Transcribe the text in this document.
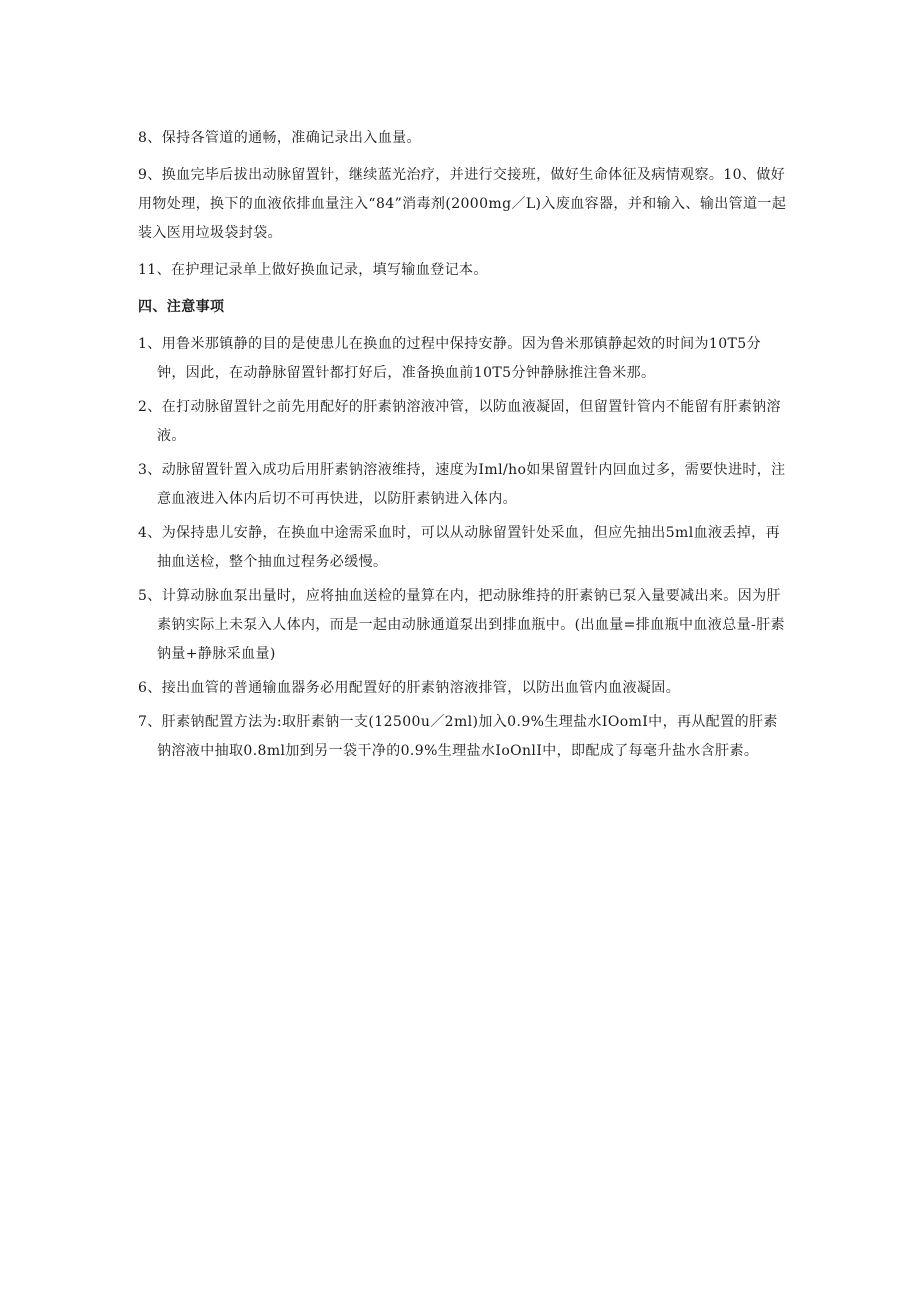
8、保持各管道的通畅，准确记录出入血量。

9、换血完毕后拔出动脉留置针，继续蓝光治疗，并进行交接班，做好生命体征及病情观察。10、做好用物处理，换下的血液依排血量注入“84”消毒剂(2000mg／L)入废血容器，并和输入、输出管道一起装入医用垃圾袋封袋。

11、在护理记录单上做好换血记录，填写输血登记本。

四、注意事项

1、用鲁米那镇静的目的是使患儿在换血的过程中保持安静。因为鲁米那镇静起效的时间为10T5分钟，因此，在动静脉留置针都打好后，准备换血前10T5分钟静脉推注鲁米那。

2、在打动脉留置针之前先用配好的肝素钠溶液冲管，以防血液凝固，但留置针管内不能留有肝素钠溶液。

3、动脉留置针置入成功后用肝素钠溶液维持，速度为Iml/ho如果留置针内回血过多，需要快进时，注意血液进入体内后切不可再快进，以防肝素钠进入体内。

4、为保持患儿安静，在换血中途需采血时，可以从动脉留置针处采血，但应先抽出5ml血液丢掉，再抽血送检，整个抽血过程务必缓慢。

5、计算动脉血泵出量时，应将抽血送检的量算在内，把动脉维持的肝素钠已泵入量要减出来。因为肝素钠实际上未泵入人体内，而是一起由动脉通道泵出到排血瓶中。(出血量=排血瓶中血液总量-肝素钠量+静脉采血量)

6、接出血管的普通输血器务必用配置好的肝素钠溶液排管，以防出血管内血液凝固。

7、肝素钠配置方法为:取肝素钠一支(12500u／2ml)加入0.9%生理盐水IOomI中，再从配置的肝素钠溶液中抽取0.8ml加到另一袋干净的0.9%生理盐水IoOnlI中，即配成了每毫升盐水含肝素。
